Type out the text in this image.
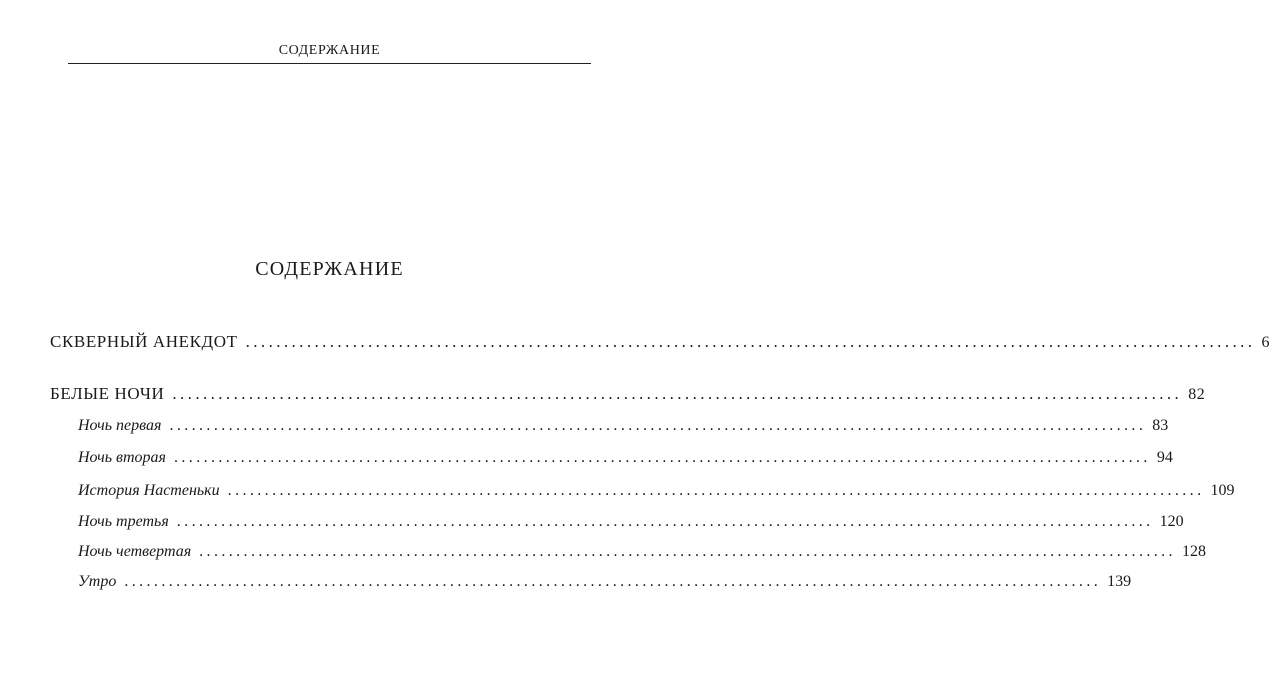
СОДЕРЖАНИЕ
СОДЕРЖАНИЕ
СКВЕРНЫЙ АНЕКДОТ .................................................................................................................................... 6
БЕЛЫЕ НОЧИ .................................................................................................................................... 82
Ночь первая .................................................................................................................................... 83
Ночь вторая .................................................................................................................................... 94
История Настеньки .................................................................................................................................... 109
Ночь третья .................................................................................................................................... 120
Ночь четвертая .................................................................................................................................... 128
Утро .................................................................................................................................... 139
